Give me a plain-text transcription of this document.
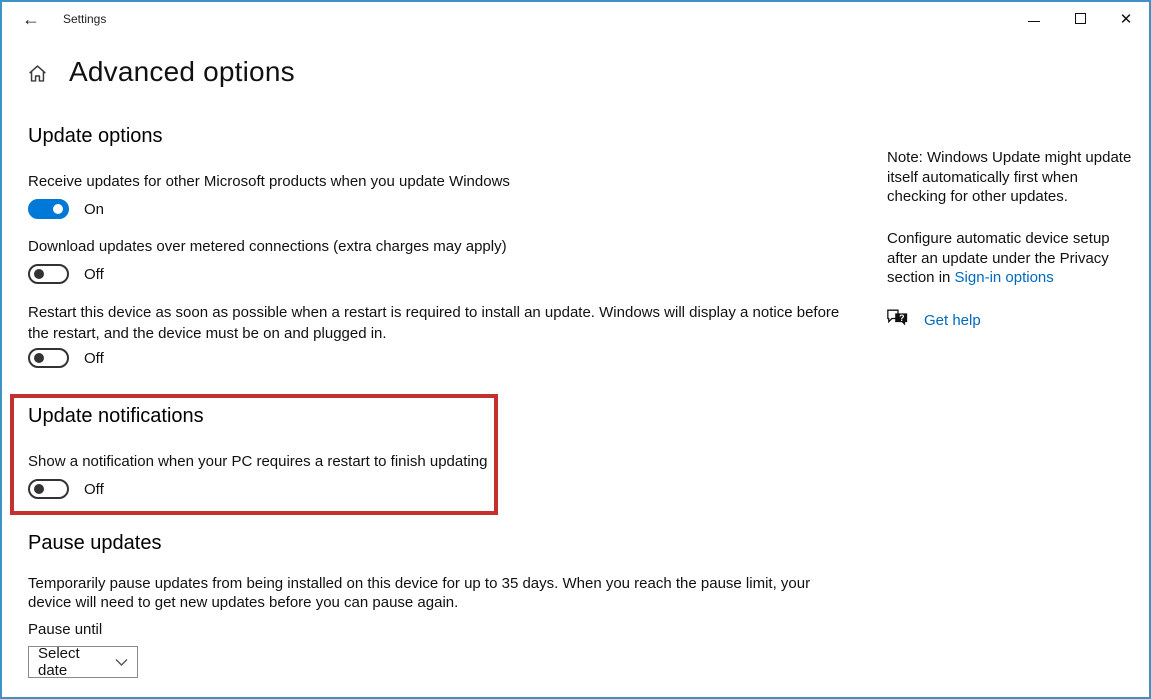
← Settings	✕
Advanced options
Update options
Receive updates for other Microsoft products when you update Windows
On
Download updates over metered connections (extra charges may apply)
Off
Restart this device as soon as possible when a restart is required to install an update. Windows will display a notice before the restart, and the device must be on and plugged in.
Off
Update notifications
Show a notification when your PC requires a restart to finish updating
Off
Pause updates
Temporarily pause updates from being installed on this device for up to 35 days. When you reach the pause limit, your device will need to get new updates before you can pause again.
Pause until
Select date

Note: Windows Update might update itself automatically first when checking for other updates.

Configure automatic device setup after an update under the Privacy section in Sign-in options

? Get help
